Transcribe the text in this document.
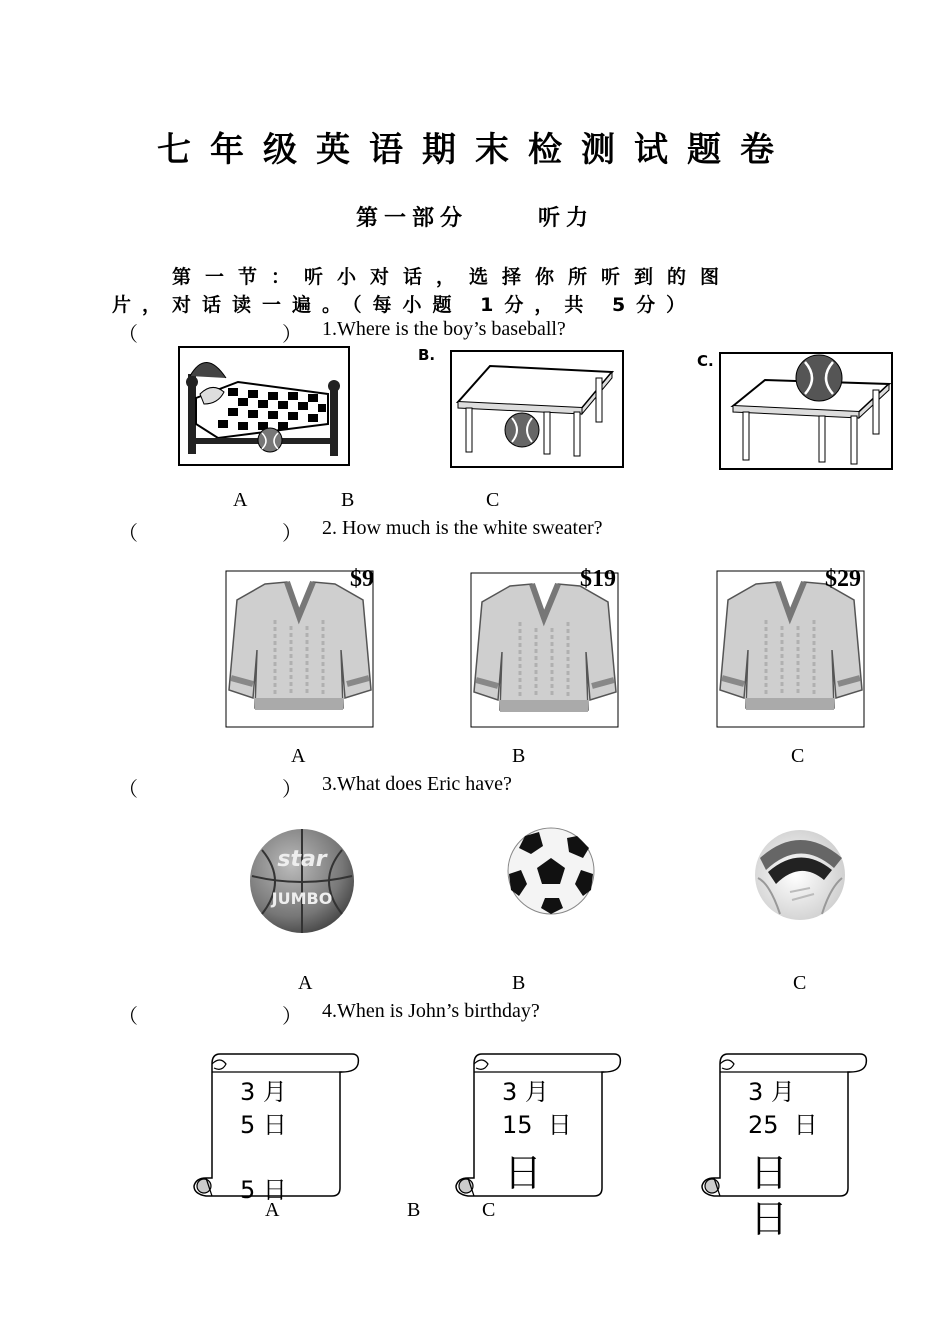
七年级英语期末检测试题卷
第一部分	听力
第一节：听小对话，选择你所听到的图
片，对话读一遍。（每小题 1分，共 5分）
（	） 1.Where is the boy’s baseball?
B.	C.
A	B	C
（	） 2. How much is the white sweater?
$9	$19	$29
A	B	C
（	） 3.What does Eric have?
star
JUMBO
A	B	C
（	） 4.When is John’s birthday?
3 月
5 日
5 日
3 月
15  日
日
3 月
25  日
日
日
A	B	C
